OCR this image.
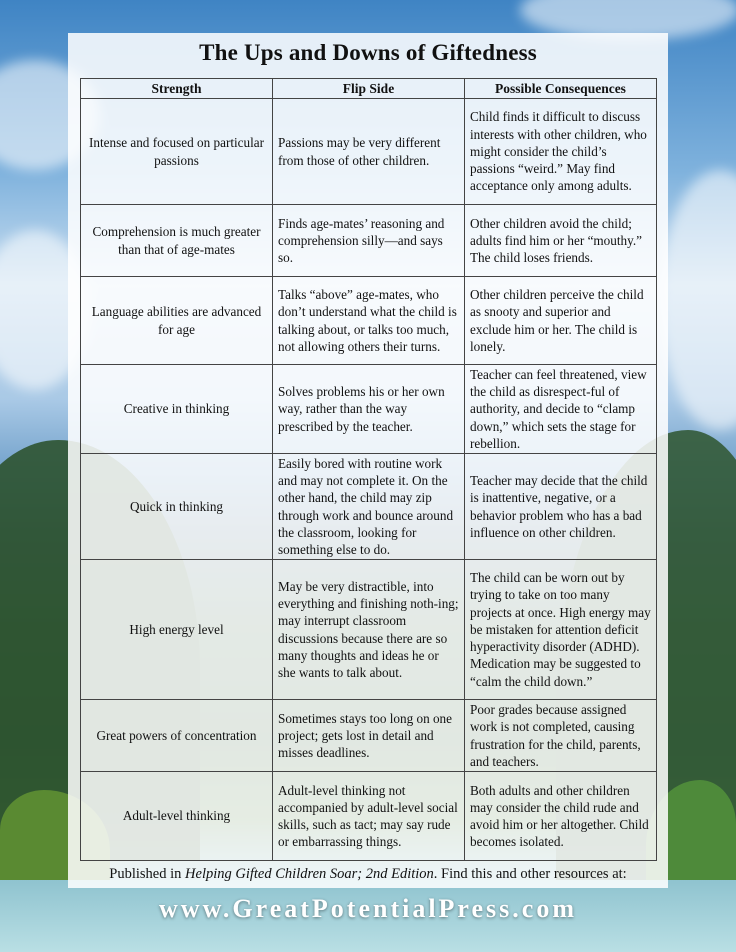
The Ups and Downs of Giftedness
Strength	Flip Side	Possible Consequences
Intense and focused on particular passions	Passions may be very different from those of other children.	Child finds it difficult to discuss interests with other children, who might consider the child’s passions “weird.” May find acceptance only among adults.
Comprehension is much greater than that of age-mates	Finds age-mates’ reasoning and comprehension silly—and says so.	Other children avoid the child; adults find him or her “mouthy.” The child loses friends.
Language abilities are advanced for age	Talks “above” age-mates, who don’t understand what the child is talking about, or talks too much, not allowing others their turns.	Other children perceive the child as snooty and superior and exclude him or her. The child is lonely.
Creative in thinking	Solves problems his or her own way, rather than the way prescribed by the teacher.	Teacher can feel threatened, view the child as disrespect-ful of authority, and decide to “clamp down,” which sets the stage for rebellion.
Quick in thinking	Easily bored with routine work and may not complete it. On the other hand, the child may zip through work and bounce around the classroom, looking for something else to do.	Teacher may decide that the child is inattentive, negative, or a behavior problem who has a bad influence on other children.
High energy level	May be very distractible, into everything and finishing noth-ing; may interrupt classroom discussions because there are so many thoughts and ideas he or she wants to talk about.	The child can be worn out by trying to take on too many projects at once. High energy may be mistaken for attention deficit hyperactivity disorder (ADHD). Medication may be suggested to “calm the child down.”
Great powers of concentration	Sometimes stays too long on one project; gets lost in detail and misses deadlines.	Poor grades because assigned work is not completed, causing frustration for the child, parents, and teachers.
Adult-level thinking	Adult-level thinking not accompanied by adult-level social skills, such as tact; may say rude or embarrassing things.	Both adults and other children may consider the child rude and avoid him or her altogether. Child becomes isolated.
Published in Helping Gifted Children Soar; 2nd Edition. Find this and other resources at:
www.GreatPotentialPress.com
